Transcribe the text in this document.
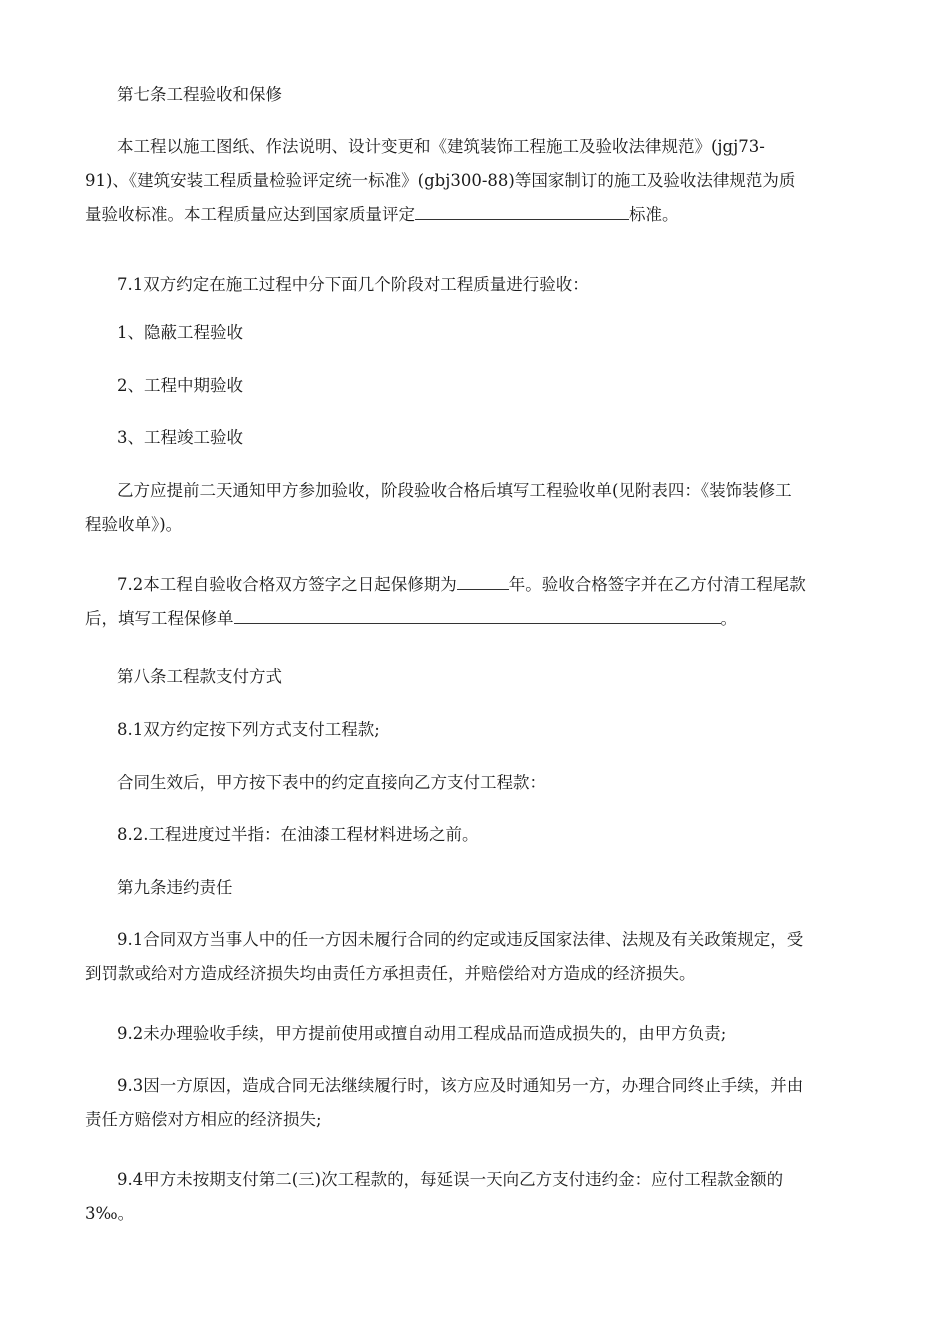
第七条工程验收和保修

本工程以施工图纸、作法说明、设计变更和《建筑装饰工程施工及验收法律规范》(jgj73-
91)、《建筑安装工程质量检验评定统一标准》(gbj300-88)等国家制订的施工及验收法律规范为质
量验收标准。本工程质量应达到国家质量评定	标准。

7.1双方约定在施工过程中分下面几个阶段对工程质量进行验收：

1、隐蔽工程验收

2、工程中期验收

3、工程竣工验收

乙方应提前二天通知甲方参加验收，阶段验收合格后填写工程验收单(见附表四：《装饰装修工
程验收单》)。

7.2本工程自验收合格双方签字之日起保修期为	年。验收合格签字并在乙方付清工程尾款
后，填写工程保修单	。

第八条工程款支付方式

8.1双方约定按下列方式支付工程款;

合同生效后，甲方按下表中的约定直接向乙方支付工程款：

8.2.工程进度过半指：在油漆工程材料进场之前。

第九条违约责任

9.1合同双方当事人中的任一方因未履行合同的约定或违反国家法律、法规及有关政策规定，受
到罚款或给对方造成经济损失均由责任方承担责任，并赔偿给对方造成的经济损失。

9.2未办理验收手续，甲方提前使用或擅自动用工程成品而造成损失的，由甲方负责;

9.3因一方原因，造成合同无法继续履行时，该方应及时通知另一方，办理合同终止手续，并由
责任方赔偿对方相应的经济损失;

9.4甲方未按期支付第二(三)次工程款的，每延误一天向乙方支付违约金：应付工程款金额的
3‰。
